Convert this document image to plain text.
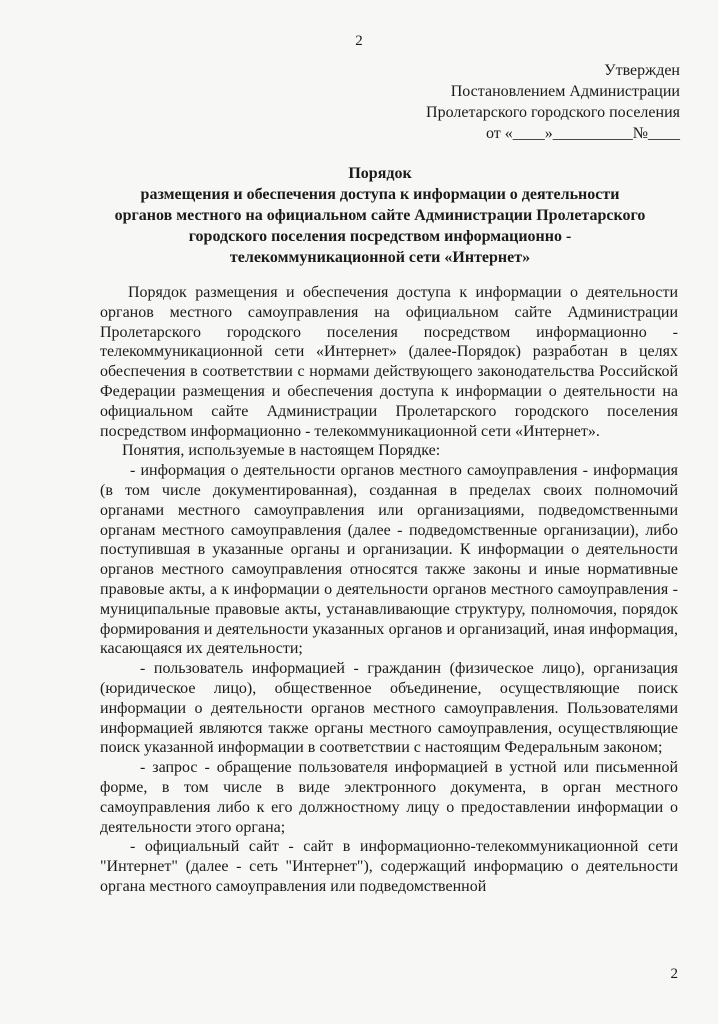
2
Утвержден
Постановлением Администрации
Пролетарского городского поселения
от «____»__________№____
Порядок
размещения и обеспечения доступа к информации о деятельности
органов местного на официальном сайте Администрации Пролетарского
городского поселения посредством информационно -
телекоммуникационной сети «Интернет»

Порядок размещения и обеспечения доступа к информации о деятельности органов местного самоуправления на официальном сайте Администрации Пролетарского городского поселения посредством информационно - телекоммуникационной сети «Интернет» (далее-Порядок) разработан в целях обеспечения в соответствии с нормами действующего законодательства Российской Федерации размещения и обеспечения доступа к информации о деятельности на официальном сайте Администрации Пролетарского городского поселения посредством информационно - телекоммуникационной сети «Интернет».

Понятия, используемые в настоящем Порядке:

- информация о деятельности органов местного самоуправления - информация (в том числе документированная), созданная в пределах своих полномочий органами местного самоуправления или организациями, подведомственными органам местного самоуправления (далее - подведомственные организации), либо поступившая в указанные органы и организации. К информации о деятельности органов местного самоуправления относятся также законы и иные нормативные правовые акты, а к информации о деятельности органов местного самоуправления - муниципальные правовые акты, устанавливающие структуру, полномочия, порядок формирования и деятельности указанных органов и организаций, иная информация, касающаяся их деятельности;

- пользователь информацией - гражданин (физическое лицо), организация (юридическое лицо), общественное объединение, осуществляющие поиск информации о деятельности органов местного самоуправления. Пользователями информацией являются также органы местного самоуправления, осуществляющие поиск указанной информации в соответствии с настоящим Федеральным законом;

- запрос - обращение пользователя информацией в устной или письменной форме, в том числе в виде электронного документа, в орган местного самоуправления либо к его должностному лицу о предоставлении информации о деятельности этого органа;

- официальный сайт - сайт в информационно-телекоммуникационной сети "Интернет" (далее - сеть "Интернет"), содержащий информацию о деятельности органа местного самоуправления или подведомственной

2
